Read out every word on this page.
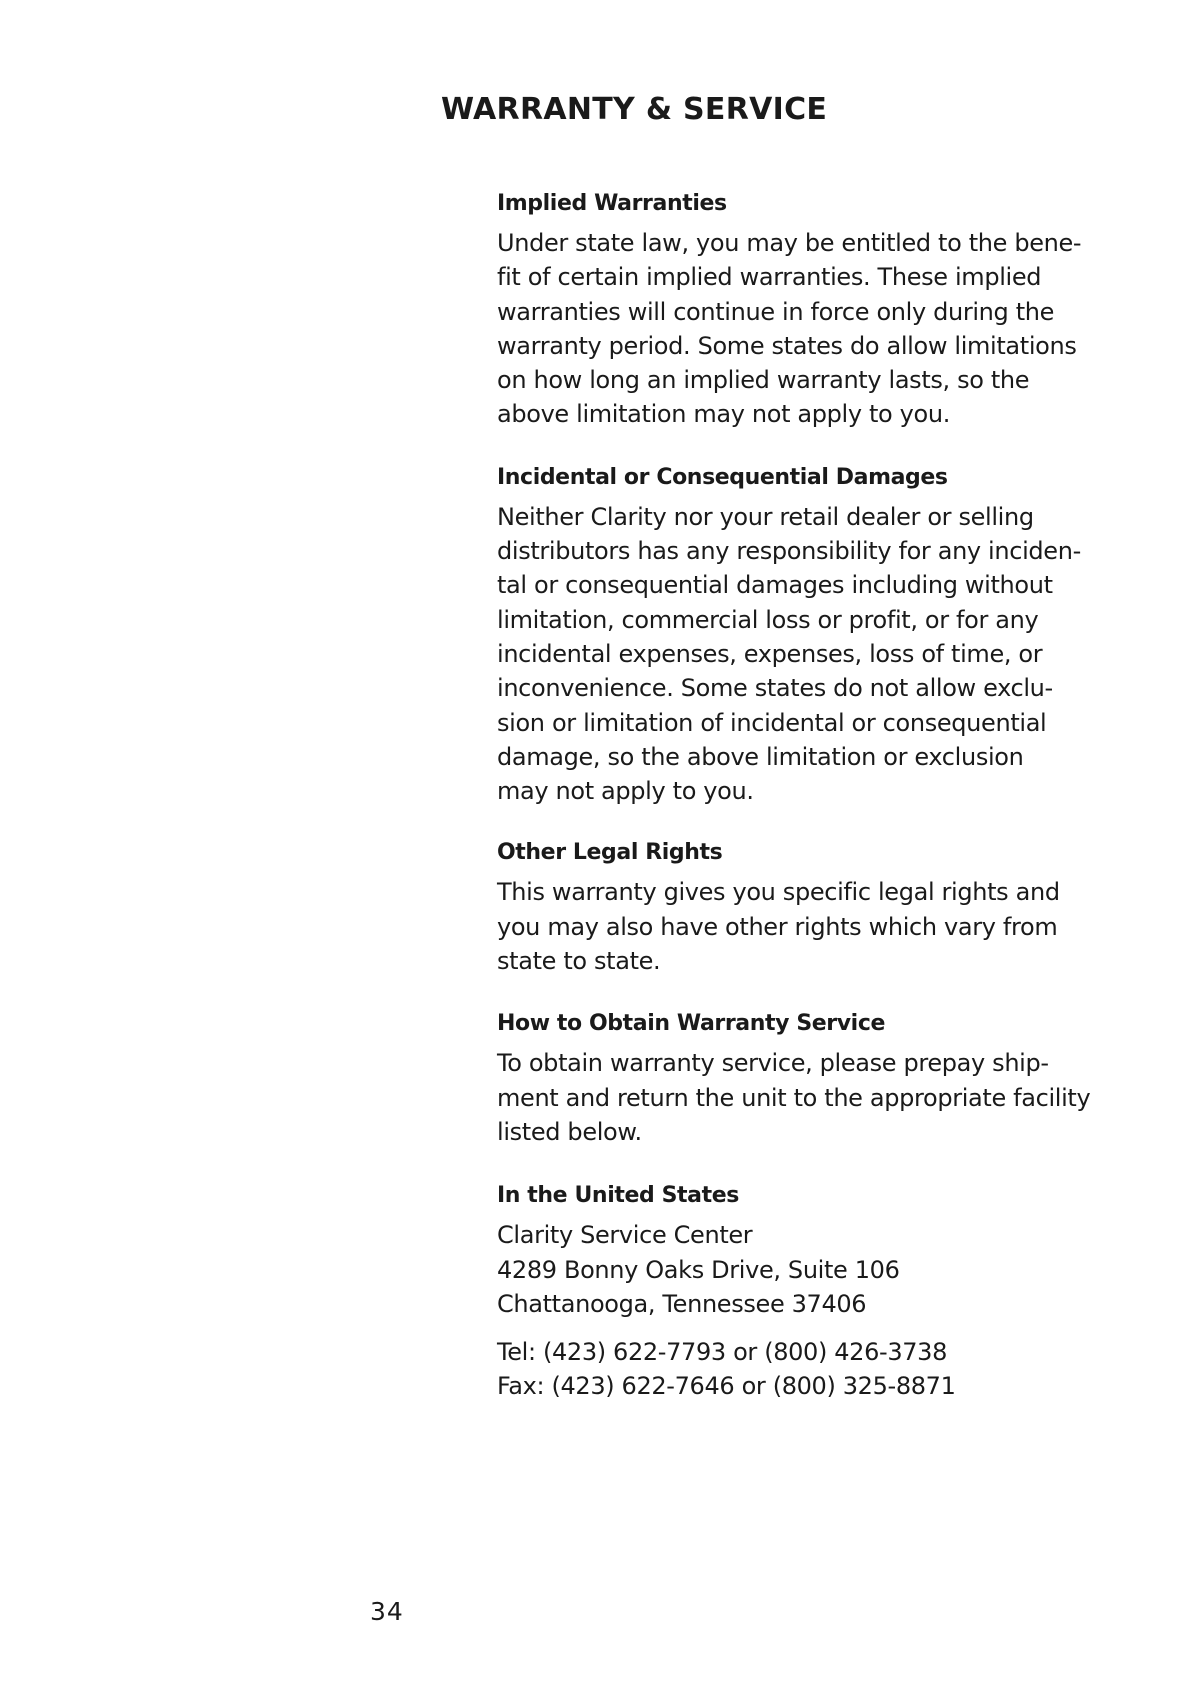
WARRANTY & SERVICE
Implied Warranties
Under state law, you may be entitled to the bene-
fit of certain implied warranties. These implied
warranties will continue in force only during the
warranty period. Some states do allow limitations
on how long an implied warranty lasts, so the
above limitation may not apply to you.
Incidental or Consequential Damages
Neither Clarity nor your retail dealer or selling
distributors has any responsibility for any inciden-
tal or consequential damages including without
limitation, commercial loss or profit, or for any
incidental expenses, expenses, loss of time, or
inconvenience. Some states do not allow exclu-
sion or limitation of incidental or consequential
damage, so the above limitation or exclusion
may not apply to you.
Other Legal Rights
This warranty gives you specific legal rights and
you may also have other rights which vary from
state to state.
How to Obtain Warranty Service
To obtain warranty service, please prepay ship-
ment and return the unit to the appropriate facility
listed below.
In the United States
Clarity Service Center
4289 Bonny Oaks Drive, Suite 106
Chattanooga, Tennessee 37406
Tel: (423) 622-7793 or (800) 426-3738
Fax: (423) 622-7646 or (800) 325-8871
34
